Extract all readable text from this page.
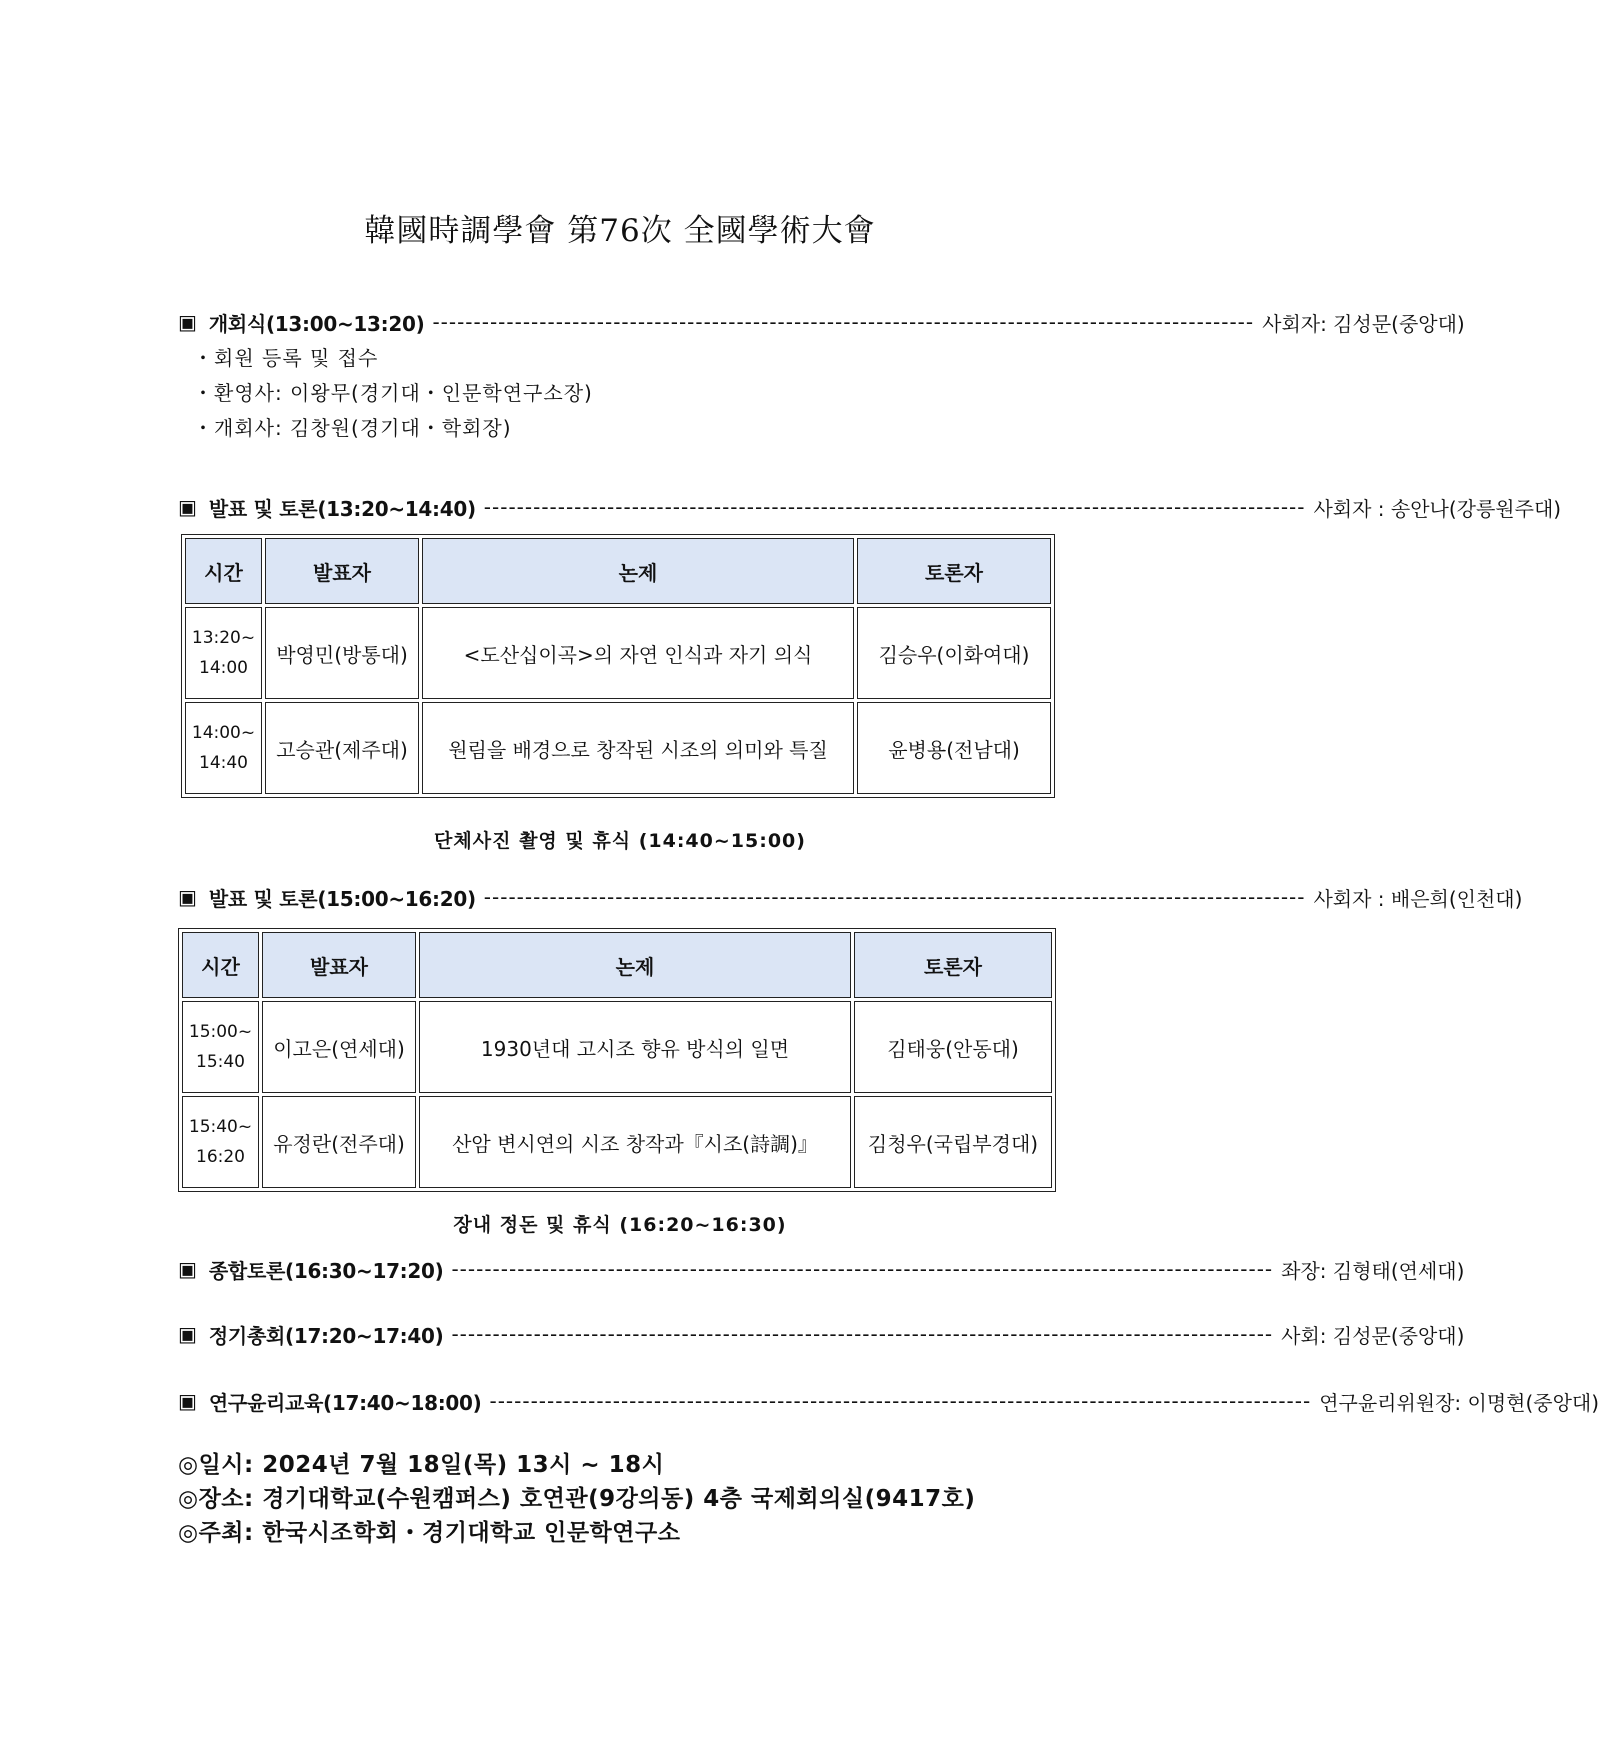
韓國時調學會 第76次 全國學術大會
▣ 개회식(13:00~13:20) ---------------------------------------------------------------------------------------------------- 사회자: 김성문(중앙대)
・회원 등록 및 접수
・환영사: 이왕무(경기대・인문학연구소장)
・개회사: 김창원(경기대・학회장)
▣ 발표 및 토론(13:20~14:40) ---------------------------------------------------------------------------------------------------- 사회자 : 송안나(강릉원주대)
시간	발표자	논제	토론자
13:20~
14:00	박영민(방통대)	<도산십이곡>의 자연 인식과 자기 의식	김승우(이화여대)
14:00~
14:40	고승관(제주대)	원림을 배경으로 창작된 시조의 의미와 특질	윤병용(전남대)
단체사진 촬영 및 휴식 (14:40~15:00)
▣ 발표 및 토론(15:00~16:20) ---------------------------------------------------------------------------------------------------- 사회자 : 배은희(인천대)
시간	발표자	논제	토론자
15:00~
15:40	이고은(연세대)	1930년대 고시조 향유 방식의 일면	김태웅(안동대)
15:40~
16:20	유정란(전주대)	산암 변시연의 시조 창작과『시조(詩調)』	김청우(국립부경대)
장내 정돈 및 휴식 (16:20~16:30)
▣ 종합토론(16:30~17:20) ---------------------------------------------------------------------------------------------------- 좌장: 김형태(연세대)
▣ 정기총회(17:20~17:40) ---------------------------------------------------------------------------------------------------- 사회: 김성문(중앙대)
▣ 연구윤리교육(17:40~18:00) ---------------------------------------------------------------------------------------------------- 연구윤리위원장: 이명현(중앙대)
◎일시: 2024년 7월 18일(목) 13시 ~ 18시
◎장소: 경기대학교(수원캠퍼스) 호연관(9강의동) 4층 국제회의실(9417호)
◎주최: 한국시조학회・경기대학교 인문학연구소
